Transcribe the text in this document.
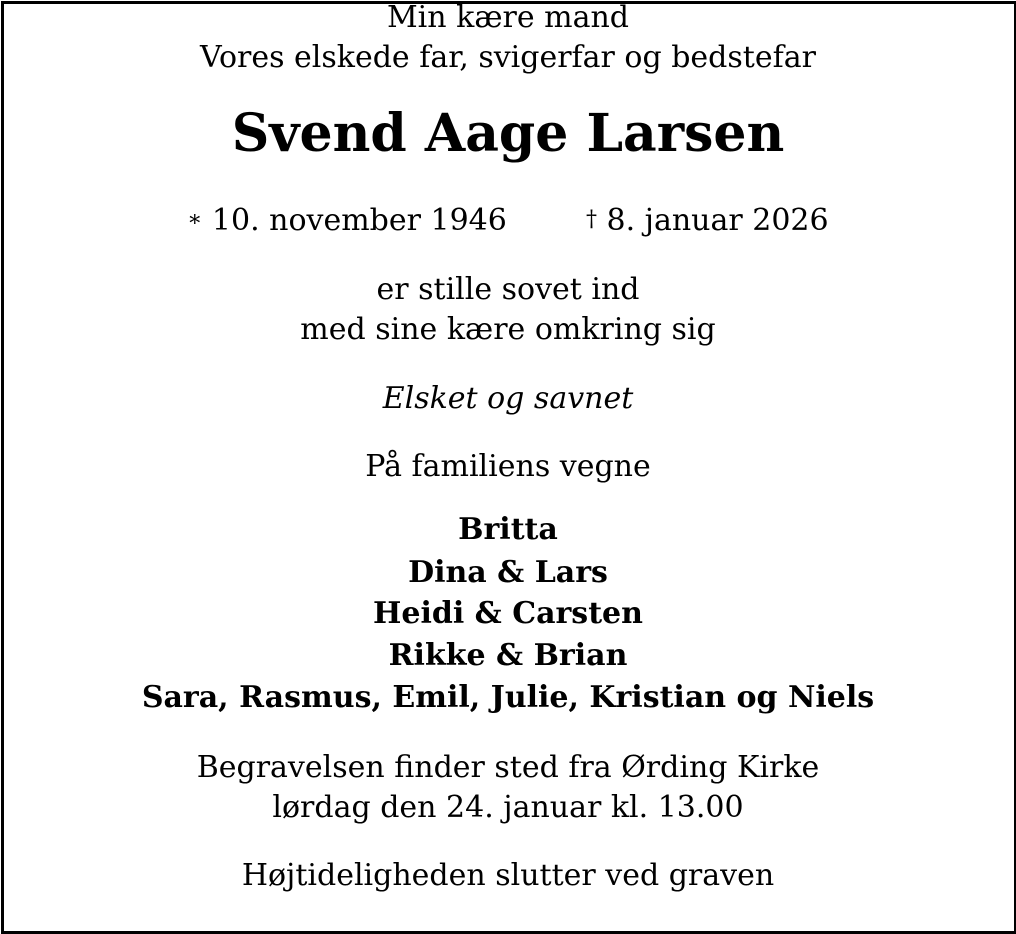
Min kære mand
Vores elskede far, svigerfar og bedstefar
Svend Aage Larsen
∗ 10. november 1946	† 8. januar 2026
er stille sovet ind
med sine kære omkring sig
Elsket og savnet
På familiens vegne
Britta
Dina & Lars
Heidi & Carsten
Rikke & Brian
Sara, Rasmus, Emil, Julie, Kristian og Niels
Begravelsen finder sted fra Ørding Kirke
lørdag den 24. januar kl. 13.00
Højtideligheden slutter ved graven
